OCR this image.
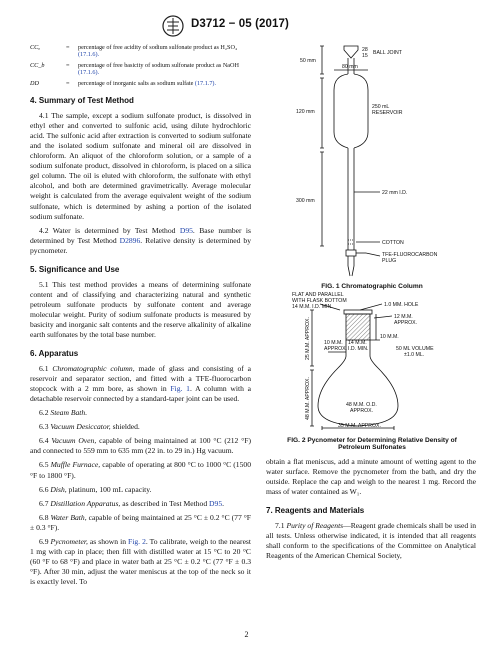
D3712 − 05 (2017)
CCₐ	=	percentage of free acidity of sodium sulfonate product as H₂SO₄
(17.1.6).
CC_b	=	percentage of free basicity of sodium sulfonate product as NaOH
(17.1.6).
DD	=	percentage of inorganic salts as sodium sulfate (17.1.7).
4. Summary of Test Method

4.1 The sample, except a sodium sulfonate product, is dissolved in ethyl ether and converted to sulfonic acid, using dilute hydrochloric acid. The sulfonic acid after extraction is converted to sodium sulfonate and the isolated sodium sulfonate and mineral oil are dissolved in chloroform. An aliquot of the chloroform solution, or a sample of a sodium sulfonate product, dissolved in chloroform, is placed on a silica gel column. The oil is eluted with chloroform, the sulfonate with ethyl alcohol, and both are determined gravimetrically. Average molecular weight is calculated from the average equivalent weight of the sodium sulfonate, which is determined by ashing a portion of the isolated sodium sulfonate.

4.2 Water is determined by Test Method D95. Base number is determined by Test Method D2896. Relative density is determined by pycnometer.

5. Significance and Use

5.1 This test method provides a means of determining sulfonate content and of classifying and characterizing natural and synthetic petroleum sulfonate products by sulfonate content and average molecular weight. Purity of sodium sulfonate products is measured by basicity and inorganic salt contents and the reserve alkalinity of alkaline earth sulfonates by the total base number.

6. Apparatus

6.1 Chromatographic column, made of glass and consisting of a reservoir and separator section, and fitted with a TFE-fluorocarbon stopcock with a 2 mm bore, as shown in Fig. 1. A column with a detachable reservoir connected by a standard-taper joint can be used.

6.2 Steam Bath.

6.3 Vacuum Desiccator, shielded.

6.4 Vacuum Oven, capable of being maintained at 100 °C (212 °F) and connected to 559 mm to 635 mm (22 in. to 29 in.) Hg vacuum.

6.5 Muffle Furnace, capable of operating at 800 °C to 1000 °C (1500 °F to 1800 °F).

6.6 Dish, platinum, 100 mL capacity.

6.7 Distillation Apparatus, as described in Test Method D95.

6.8 Water Bath, capable of being maintained at 25 °C ± 0.2 °C (77 °F ± 0.3 °F).

6.9 Pycnometer, as shown in Fig. 2. To calibrate, weigh to the nearest 1 mg with cap in place; then fill with distilled water at 15 °C to 20 °C (60 °F to 68 °F) and place in water bath at 25 °C ± 0.2 °C (77 °F ± 0.3 °F). After 30 min, adjust the water meniscus at the top of the neck so it is exactly level. To

28
15 BALL JOINT
50 mm
80 mm
120 mm
250 mL
RESERVOIR
22 mm I.D.
300 mm
COTTON
TFE-FLUOROCARBON
PLUG
FIG. 1 Chromatographic Column
FLAT AND PARALLEL
WITH FLASK BOTTOM
14 M.M. I.D. MIN.	1.0 MM. HOLE
12 M.M.
APPROX.
10 M.M.
10 M.M.
APPROX.
14 M.M.
I.D. MIN.	50 ML VOLUME
±1.0 ML.
25 M.M. APPROX.
48 M.M. APPROX.	48 M.M. O.D.
APPROX.
35 M.M. APPROX.
FIG. 2 Pycnometer for Determining Relative Density of
Petroleum Sulfonates

obtain a flat meniscus, add a minute amount of wetting agent to the water surface. Remove the pycnometer from the bath, and dry the outside. Replace the cap and weigh to the nearest 1 mg. Record the mass of water contained as W₁.

7. Reagents and Materials

7.1 Purity of Reagents—Reagent grade chemicals shall be used in all tests. Unless otherwise indicated, it is intended that all reagents shall conform to the specifications of the Committee on Analytical Reagents of the American Chemical Society,

2
